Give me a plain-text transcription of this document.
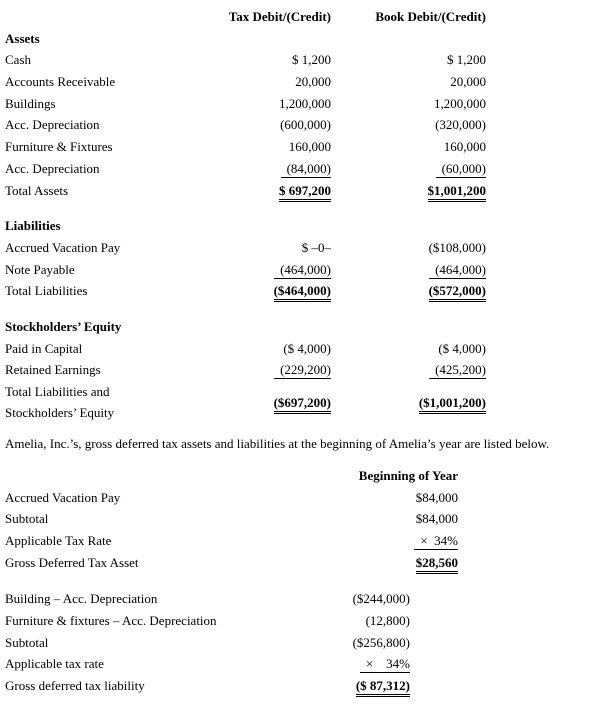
Tax Debit/(Credit)	Book Debit/(Credit)
Assets
Cash	$ 1,200	$ 1,200
Accounts Receivable	20,000	20,000
Buildings	1,200,000	1,200,000
Acc. Depreciation	(600,000)	(320,000)
Furniture & Fixtures	160,000	160,000
Acc. Depreciation	(84,000)	(60,000)
Total Assets	$ 697,200	$1,001,200
Liabilities
Accrued Vacation Pay	$ –0–	($108,000)
Note Payable	(464,000)	(464,000)
Total Liabilities	($464,000)	($572,000)
Stockholders’ Equity
Paid in Capital	($ 4,000)	($ 4,000)
Retained Earnings	(229,200)	(425,200)
Total Liabilities and
Stockholders’ Equity
($697,200)	($1,001,200)
Amelia, Inc.’s, gross deferred tax assets and liabilities at the beginning of Amelia’s year are listed below.
Beginning of Year
Accrued Vacation Pay	$84,000
Subtotal	$84,000
Applicable Tax Rate	×  34%
Gross Deferred Tax Asset	$28,560
Building – Acc. Depreciation	($244,000)
Furniture & fixtures – Acc. Depreciation	(12,800)
Subtotal	($256,800)
Applicable tax rate	×    34%
Gross deferred tax liability	($ 87,312)
